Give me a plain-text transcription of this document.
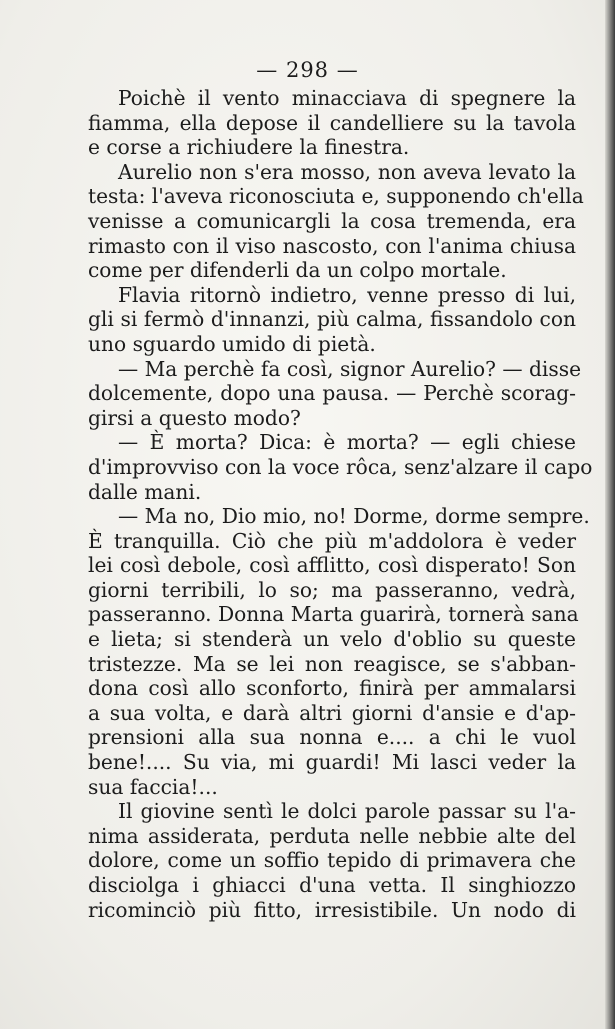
— 298 —
Poichè il vento minacciava di spegnere la
fiamma, ella depose il candelliere su la tavola
e corse a richiudere la finestra.
Aurelio non s'era mosso, non aveva levato la
testa: l'aveva riconosciuta e, supponendo ch'ella
venisse a comunicargli la cosa tremenda, era
rimasto con il viso nascosto, con l'anima chiusa
come per difenderli da un colpo mortale.
Flavia ritornò indietro, venne presso di lui,
gli si fermò d'innanzi, più calma, fissandolo con
uno sguardo umido di pietà.
— Ma perchè fa così, signor Aurelio? — disse
dolcemente, dopo una pausa. — Perchè scorag-
girsi a questo modo?
— È morta? Dica: è morta? — egli chiese
d'improvviso con la voce rôca, senz'alzare il capo
dalle mani.
— Ma no, Dio mio, no! Dorme, dorme sempre.
È tranquilla. Ciò che più m'addolora è veder
lei così debole, così afflitto, così disperato! Son
giorni terribili, lo so; ma passeranno, vedrà,
passeranno. Donna Marta guarirà, tornerà sana
e lieta; si stenderà un velo d'oblio su queste
tristezze. Ma se lei non reagisce, se s'abban-
dona così allo sconforto, finirà per ammalarsi
a sua volta, e darà altri giorni d'ansie e d'ap-
prensioni alla sua nonna e.... a chi le vuol
bene!.... Su via, mi guardi! Mi lasci veder la
sua faccia!...
Il giovine sentì le dolci parole passar su l'a-
nima assiderata, perduta nelle nebbie alte del
dolore, come un soffio tepido di primavera che
disciolga i ghiacci d'una vetta. Il singhiozzo
ricominciò più fitto, irresistibile. Un nodo di
